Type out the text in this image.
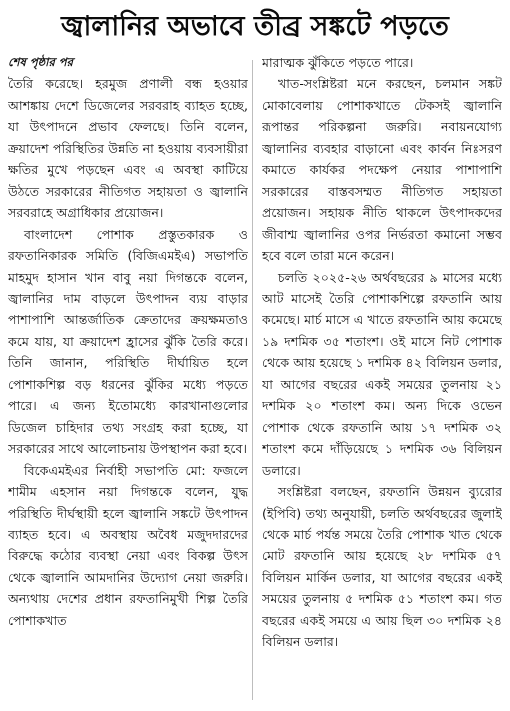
জ্বালানির অভাবে তীব্র সঙ্কটে পড়তে

শেষ পৃষ্ঠার পর

তৈরি করেছে। হরমুজ প্রণালী বন্ধ হওয়ার আশঙ্কায় দেশে ডিজেলের সরবরাহ ব্যাহত হচ্ছে, যা উৎপাদনে প্রভাব ফেলছে। তিনি বলেন, ক্রয়াদেশ পরিস্থিতির উন্নতি না হওয়ায় ব্যবসায়ীরা ক্ষতির মুখে পড়ছেন এবং এ অবস্থা কাটিয়ে উঠতে সরকারের নীতিগত সহায়তা ও জ্বালানি সরবরাহে অগ্রাধিকার প্রয়োজন।

বাংলাদেশ পোশাক প্রস্তুতকারক ও রফতানিকারক সমিতি (বিজিএমইএ) সভাপতি মাহমুদ হাসান খান বাবু নয়া দিগন্তকে বলেন, জ্বালানির দাম বাড়লে উৎপাদন ব্যয় বাড়ার পাশাপাশি আন্তর্জাতিক ক্রেতাদের ক্রয়ক্ষমতাও কমে যায়, যা ক্রয়াদেশ হ্রাসের ঝুঁকি তৈরি করে। তিনি জানান, পরিস্থিতি দীর্ঘায়িত হলে পোশাকশিল্প বড় ধরনের ঝুঁকির মধ্যে পড়তে পারে। এ জন্য ইতোমধ্যে কারখানাগুলোর ডিজেল চাহিদার তথ্য সংগ্রহ করা হচ্ছে, যা সরকারের সাথে আলোচনায় উপস্থাপন করা হবে।

বিকেএমইএর নির্বাহী সভাপতি মো: ফজলে শামীম এহসান নয়া দিগন্তকে বলেন, যুদ্ধ পরিস্থিতি দীর্ঘস্থায়ী হলে জ্বালানি সঙ্কটে উৎপাদন ব্যাহত হবে। এ অবস্থায় অবৈধ মজুদদারদের বিরুদ্ধে কঠোর ব্যবস্থা নেয়া এবং বিকল্প উৎস থেকে জ্বালানি আমদানির উদ্যোগ নেয়া জরুরি। অন্যথায় দেশের প্রধান রফতানিমুখী শিল্প তৈরি পোশাকখাত

মারাত্মক ঝুঁকিতে পড়তে পারে।

খাত-সংশ্লিষ্টরা মনে করছেন, চলমান সঙ্কট মোকাবেলায় পোশাকখাতে টেকসই জ্বালানি রূপান্তর পরিকল্পনা জরুরি। নবায়নযোগ্য জ্বালানির ব্যবহার বাড়ানো এবং কার্বন নিঃসরণ কমাতে কার্যকর পদক্ষেপ নেয়ার পাশাপাশি সরকারের বাস্তবসম্মত নীতিগত সহায়তা প্রয়োজন। সহায়ক নীতি থাকলে উৎপাদকদের জীবাশ্ম জ্বালানির ওপর নির্ভরতা কমানো সম্ভব হবে বলে তারা মনে করেন।

চলতি ২০২৫-২৬ অর্থবছরের ৯ মাসের মধ্যে আট মাসেই তৈরি পোশাকশিল্পে রফতানি আয় কমেছে। মার্চ মাসে এ খাতে রফতানি আয় কমেছে ১৯ দশমিক ৩৫ শতাংশ। ওই মাসে নিট পোশাক থেকে আয় হয়েছে ১ দশমিক ৪২ বিলিয়ন ডলার, যা আগের বছরের একই সময়ের তুলনায় ২১ দশমিক ২০ শতাংশ কম। অন্য দিকে ওভেন পোশাক থেকে রফতানি আয় ১৭ দশমিক ৩২ শতাংশ কমে দাঁড়িয়েছে ১ দশমিক ৩৬ বিলিয়ন ডলারে।

সংশ্লিষ্টরা বলছেন, রফতানি উন্নয়ন ব্যুরোর (ইপিবি) তথ্য অনুযায়ী, চলতি অর্থবছরের জুলাই থেকে মার্চ পর্যন্ত সময়ে তৈরি পোশাক খাত থেকে মোট রফতানি আয় হয়েছে ২৮ দশমিক ৫৭ বিলিয়ন মার্কিন ডলার, যা আগের বছরের একই সময়ের তুলনায় ৫ দশমিক ৫১ শতাংশ কম। গত বছরের একই সময়ে এ আয় ছিল ৩০ দশমিক ২৪ বিলিয়ন ডলার।
